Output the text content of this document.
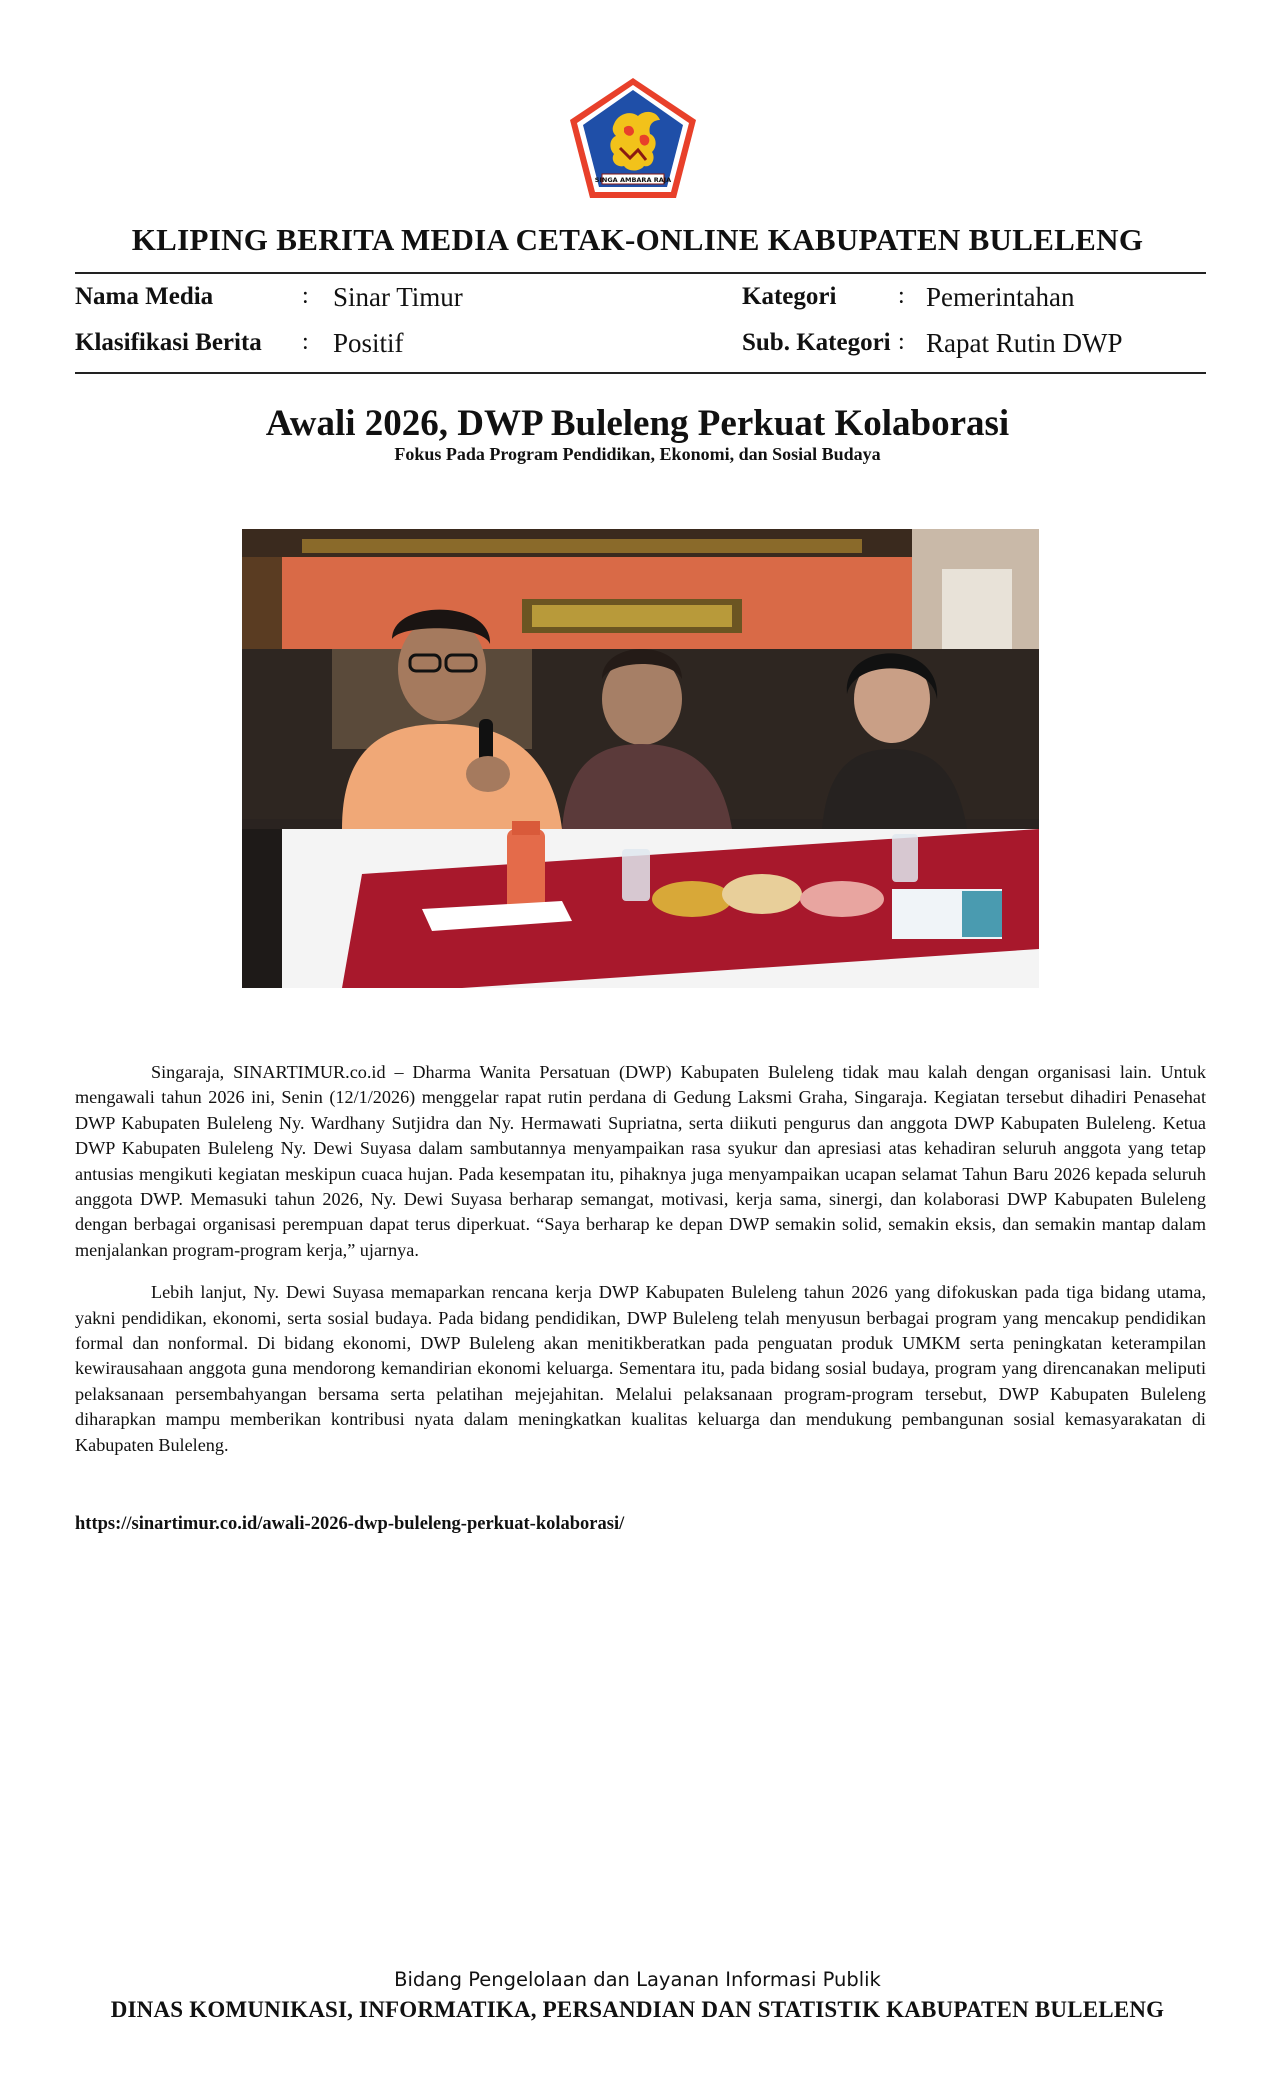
SINGA AMBARA RAJA
KLIPING BERITA MEDIA CETAK-ONLINE KABUPATEN BULELENG
Nama Media	: Sinar Timur
Klasifikasi Berita : Positif
Kategori	: Pemerintahan
Sub. Kategori : Rapat Rutin DWP
Awali 2026, DWP Buleleng Perkuat Kolaborasi
Fokus Pada Program Pendidikan, Ekonomi, dan Sosial Budaya

Singaraja, SINARTIMUR.co.id – Dharma Wanita Persatuan (DWP) Kabupaten Buleleng tidak mau kalah dengan organisasi lain. Untuk mengawali tahun 2026 ini, Senin (12/1/2026) menggelar rapat rutin perdana di Gedung Laksmi Graha, Singaraja. Kegiatan tersebut dihadiri Penasehat DWP Kabupaten Buleleng Ny. Wardhany Sutjidra dan Ny. Hermawati Supriatna, serta diikuti pengurus dan anggota DWP Kabupaten Buleleng. Ketua DWP Kabupaten Buleleng Ny. Dewi Suyasa dalam sambutannya menyampaikan rasa syukur dan apresiasi atas kehadiran seluruh anggota yang tetap antusias mengikuti kegiatan meskipun cuaca hujan. Pada kesempatan itu, pihaknya juga menyampaikan ucapan selamat Tahun Baru 2026 kepada seluruh anggota DWP. Memasuki tahun 2026, Ny. Dewi Suyasa berharap semangat, motivasi, kerja sama, sinergi, dan kolaborasi DWP Kabupaten Buleleng dengan berbagai organisasi perempuan dapat terus diperkuat. “Saya berharap ke depan DWP semakin solid, semakin eksis, dan semakin mantap dalam menjalankan program-program kerja,” ujarnya.

Lebih lanjut, Ny. Dewi Suyasa memaparkan rencana kerja DWP Kabupaten Buleleng tahun 2026 yang difokuskan pada tiga bidang utama, yakni pendidikan, ekonomi, serta sosial budaya. Pada bidang pendidikan, DWP Buleleng telah menyusun berbagai program yang mencakup pendidikan formal dan nonformal. Di bidang ekonomi, DWP Buleleng akan menitikberatkan pada penguatan produk UMKM serta peningkatan keterampilan kewirausahaan anggota guna mendorong kemandirian ekonomi keluarga. Sementara itu, pada bidang sosial budaya, program yang direncanakan meliputi pelaksanaan persembahyangan bersama serta pelatihan mejejahitan. Melalui pelaksanaan program-program tersebut, DWP Kabupaten Buleleng diharapkan mampu memberikan kontribusi nyata dalam meningkatkan kualitas keluarga dan mendukung pembangunan sosial kemasyarakatan di Kabupaten Buleleng.

https://sinartimur.co.id/awali-2026-dwp-buleleng-perkuat-kolaborasi/
Bidang Pengelolaan dan Layanan Informasi Publik
DINAS KOMUNIKASI, INFORMATIKA, PERSANDIAN DAN STATISTIK KABUPATEN BULELENG
